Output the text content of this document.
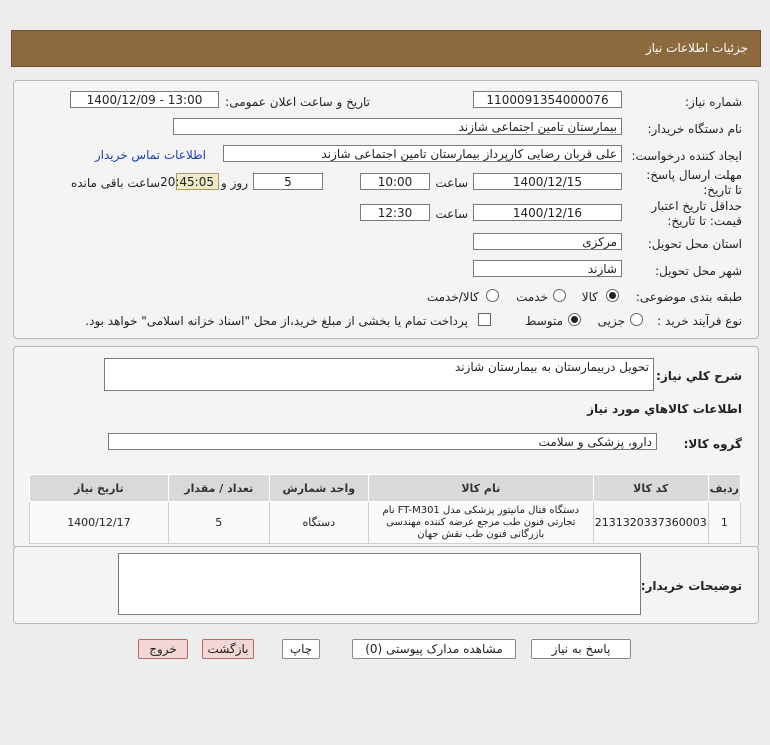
جزئيات اطلاعات نياز
شماره نیاز:
1100091354000076
تاریخ و ساعت اعلان عمومی:
1400/12/09 - 13:00
نام دستگاه خریدار:
بیمارستان تامین اجتماعی شازند
ایجاد کننده درخواست:
علی قربان رضایی کارپرداز بیمارستان تامین اجتماعی شازند
اطلاعات تماس خریدار
مهلت ارسال پاسخ: تا تاریخ:
1400/12/15
ساعت
10:00
5
روز و
20:45:05
ساعت باقی مانده
حداقل تاریخ اعتبار قیمت: تا تاریخ:
1400/12/16
ساعت
12:30
استان محل تحویل:
مرکزی
شهر محل تحویل:
شازند
طبقه بندی موضوعی:
کالا
خدمت
کالا/خدمت
نوع فرآیند خرید :
جزیی
متوسط
پرداخت تمام یا بخشی از مبلغ خرید،از محل "اسناد خزانه اسلامی" خواهد بود.
شرح كلي نياز:
تحویل دربیمارستان به بیمارستان شازند
اطلاعات كالاهاي مورد نياز
گروه کالا:
دارو، پزشکی و سلامت
ردیف	کد کالا	نام کالا	واحد شمارش	تعداد / مقدار	تاریخ نیاز
1	2131320337360003	دستگاه فتال مانیتور پزشکی مدل FT-M301 نام تجارتی فنون طب مرجع عرضه کننده مهندسی بازرگانی فنون طب نقش جهان	دستگاه	5	1400/12/17
توضیحات خریدار:
پاسخ به نیاز
مشاهده مدارک پیوستی (0)
چاپ
بازگشت
خروج
